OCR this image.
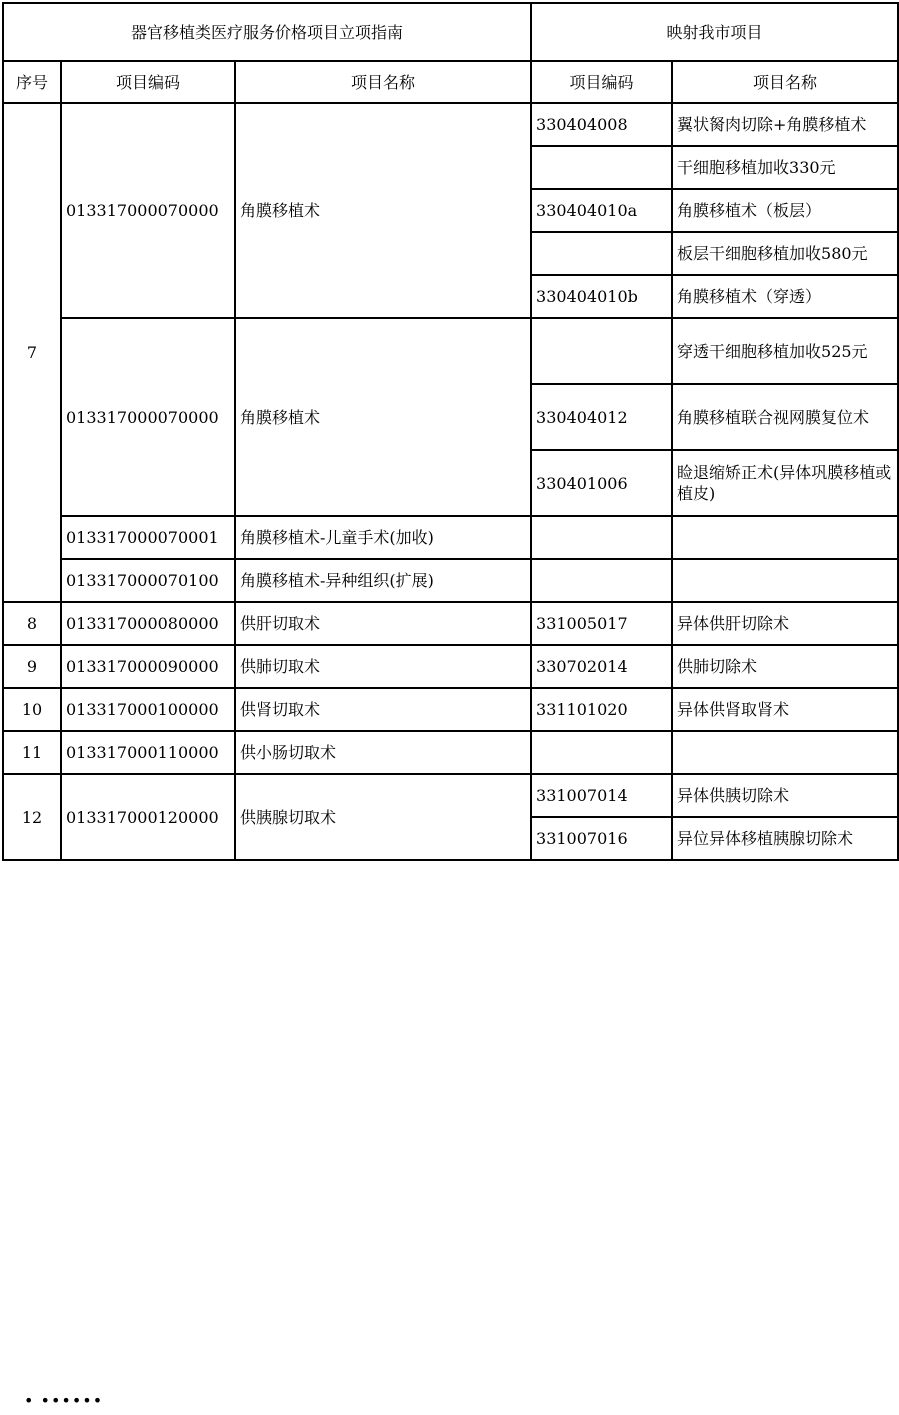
器官移植类医疗服务价格项目立项指南			映射我市项目	
序号	项目编码	项目名称	项目编码	项目名称
7	013317000070000	角膜移植术	330404008	翼状胬肉切除+角膜移植术
				干细胞移植加收330元
			330404010a	角膜移植术（板层）
				板层干细胞移植加收580元
			330404010b	角膜移植术（穿透）
	013317000070000	角膜移植术		穿透干细胞移植加收525元
			330404012	角膜移植联合视网膜复位术
			330401006	睑退缩矫正术(异体巩膜移植或植皮)
	013317000070001	角膜移植术-儿童手术(加收)		
	013317000070100	角膜移植术-异种组织(扩展)		
8	013317000080000	供肝切取术	331005017	异体供肝切除术
9	013317000090000	供肺切取术	330702014	供肺切除术
10	013317000100000	供肾切取术	331101020	异体供肾取肾术
11	013317000110000	供小肠切取术		
12	013317000120000	供胰腺切取术	331007014	异体供胰切除术
			331007016	异位异体移植胰腺切除术
• ••••••
